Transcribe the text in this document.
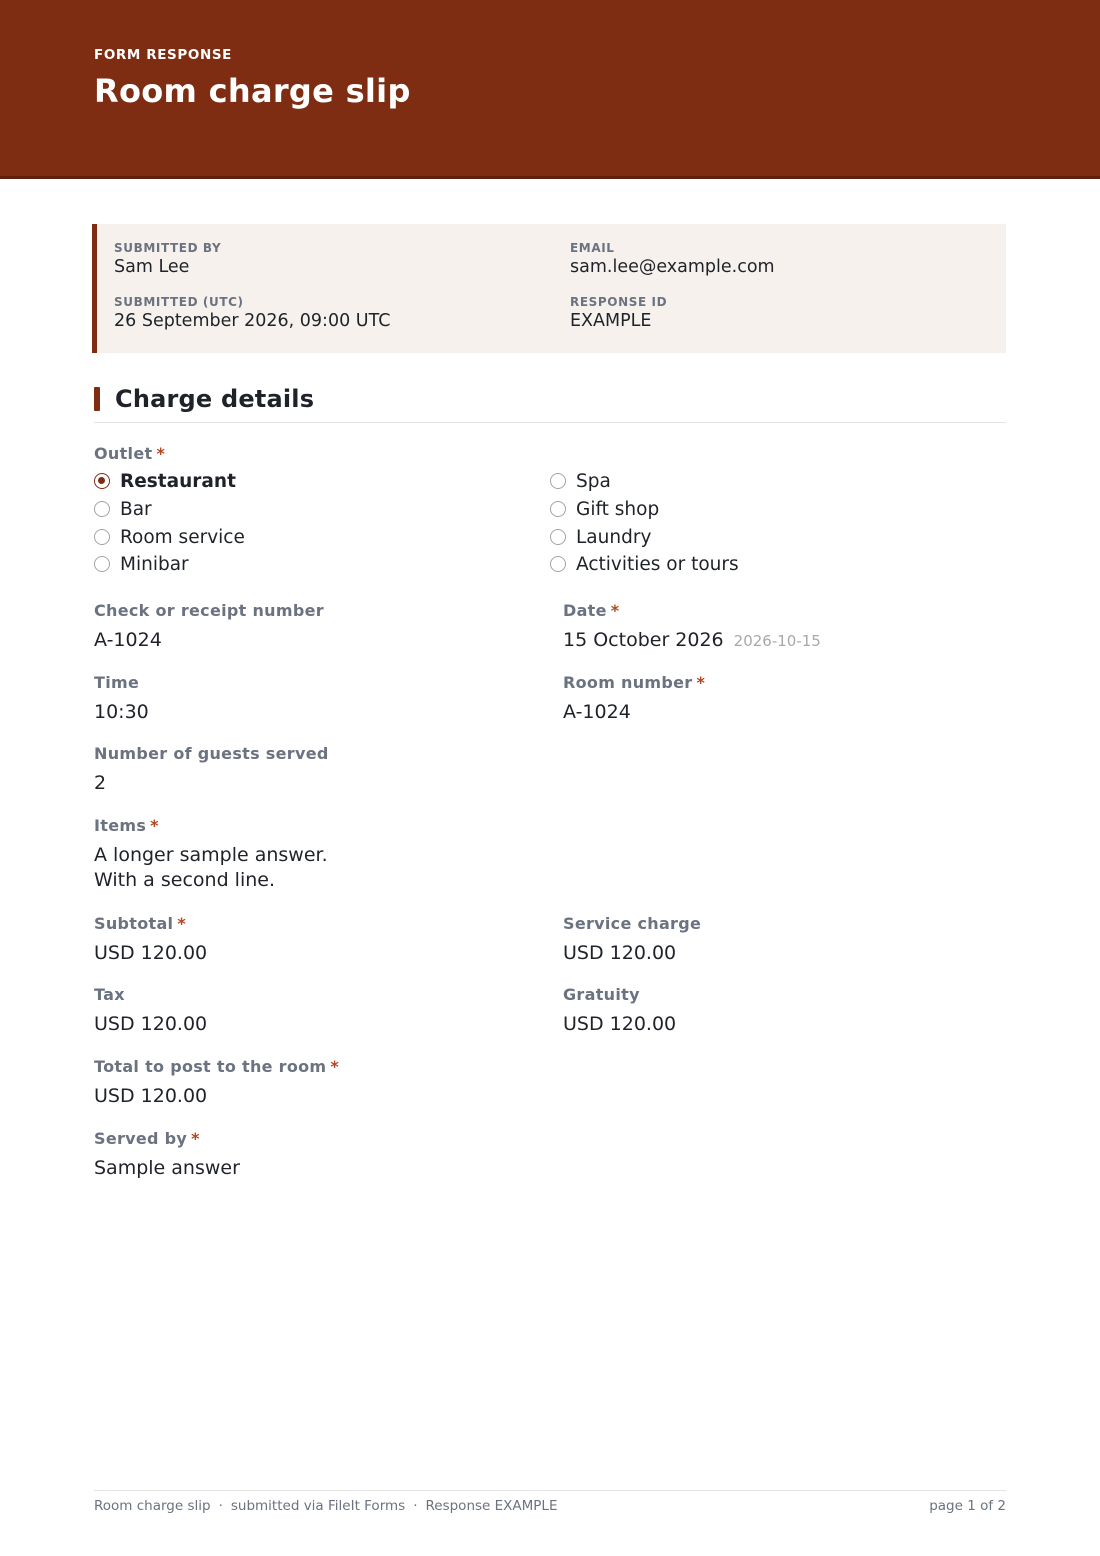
FORM RESPONSE
Room charge slip
SUBMITTED BY
Sam Lee
EMAIL
sam.lee@example.com
SUBMITTED (UTC)
26 September 2026, 09:00 UTC
RESPONSE ID
EXAMPLE
Charge details
Outlet *
Restaurant
Bar
Room service
Minibar
Spa
Gift shop
Laundry
Activities or tours
Check or receipt number
A-1024
Date *
15 October 2026 2026-10-15
Time
10:30
Room number *
A-1024
Number of guests served
2
Items *
A longer sample answer.
With a second line.
Subtotal *
USD 120.00
Service charge
USD 120.00
Tax
USD 120.00
Gratuity
USD 120.00
Total to post to the room *
USD 120.00
Served by *
Sample answer
Room charge slip · submitted via FileIt Forms · Response EXAMPLE	page 1 of 2
